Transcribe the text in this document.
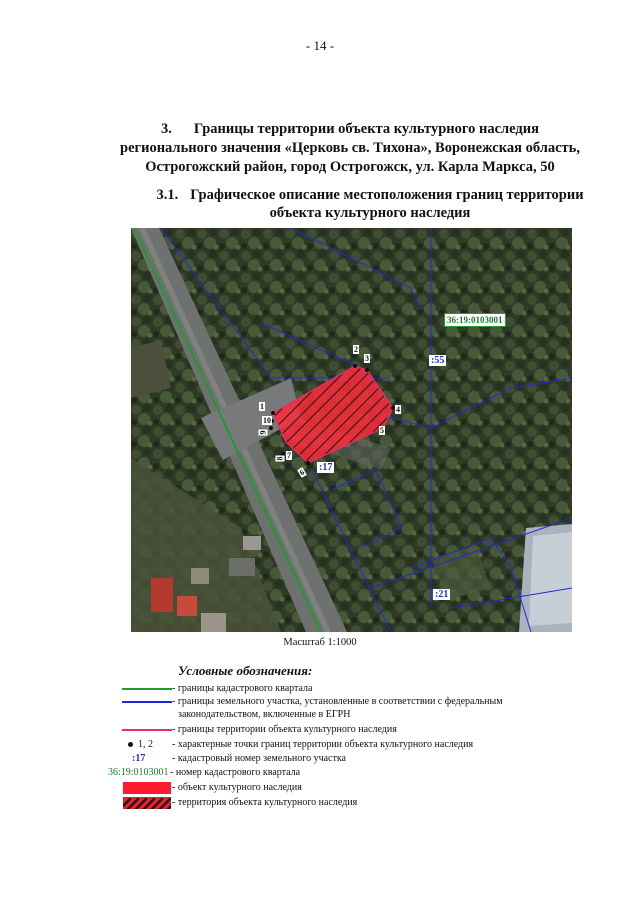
- 14 -
3. Границы территории объекта культурного наследия
регионального значения «Церковь св. Тихона», Воронежская область,
Острогожский район, город Острогожск, ул. Карла Маркса, 50
3.1. Графическое описание местоположения границ территории
объекта культурного наследия
36:19:0103001
:55
:17
:21
1
2
3
4
5
6
7
8
9
10
Масштаб 1:1000
Условные обозначения:
- границы кадастрового квартала
- границы земельного участка, установленные в соответствии с федеральным
законодательством, включенные в ЕГРН
- границы территории объекта культурного наследия
1, 2 - характерные точки границ территории объекта культурного наследия
:17	- кадастровый номер земельного участка
36:19:0103001 - номер кадастрового квартала
- объект культурного наследия
- территория объекта культурного наследия
